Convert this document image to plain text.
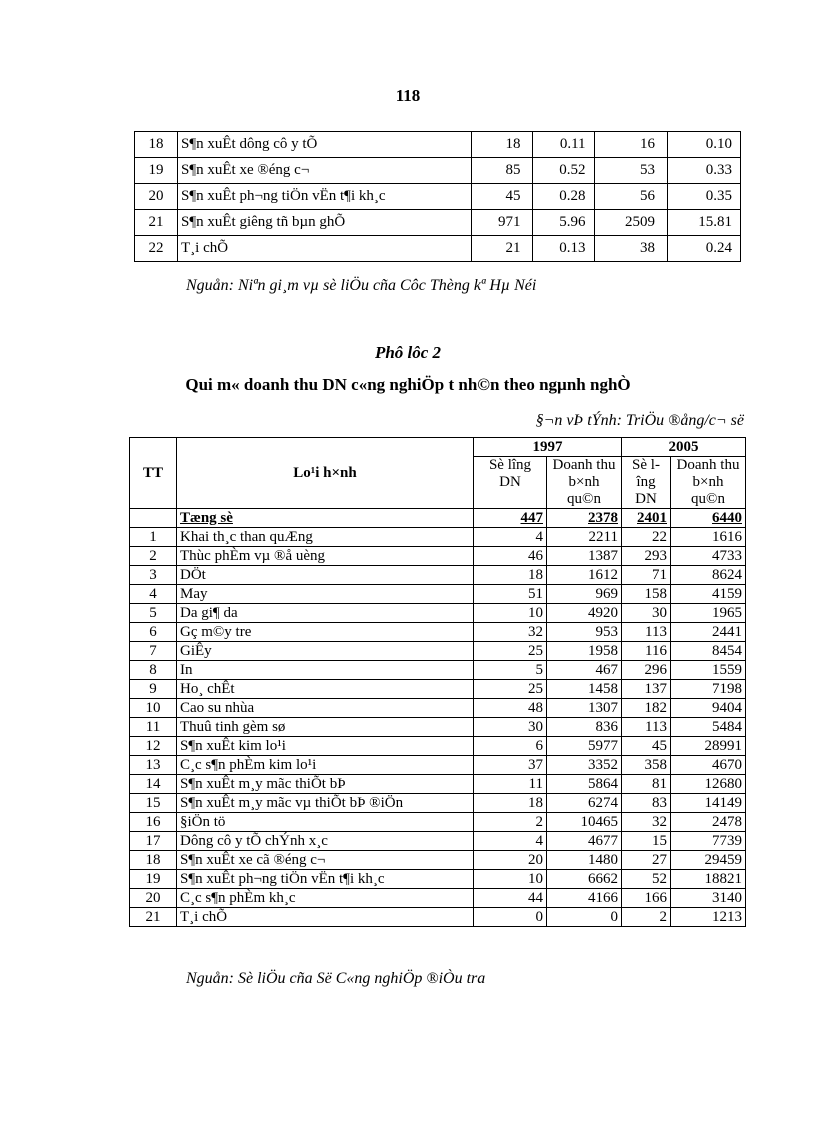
118
18	S¶n xuÊt dông cô y tÕ	18	0.11	16	0.10
19	S¶n xuÊt xe ®éng c¬	85	0.52	53	0.33
20	S¶n xuÊt ph¬ng tiÖn vËn t¶i kh¸c	45	0.28	56	0.35
21	S¶n xuÊt giêng tñ bµn ghÕ	971	5.96	2509	15.81
22	T¸i chÕ	21	0.13	38	0.24
Nguån: Niªn gi¸m vµ sè liÖu cña Côc Thèng kª Hµ Néi
Phô lôc 2
Qui m« doanh thu DN c«ng nghiÖp t nh©n theo ngµnh nghÒ
§¬n vÞ tÝnh: TriÖu ®ång/c¬ së
TT	Lo¹i h×nh	1997		2005	
		Sè lîng DN	Doanh thu b×nh qu©n	Sè lîng DN	Doanh thu b×nh qu©n
	Tæng sè	447	2378	2401	6440
1	Khai th¸c than quÆng	4	2211	22	1616
2	Thùc phÈm vµ ®å uèng	46	1387	293	4733
3	DÖt	18	1612	71	8624
4	May	51	969	158	4159
5	Da gi¶ da	10	4920	30	1965
6	Gç m©y tre	32	953	113	2441
7	GiÊy	25	1958	116	8454
8	In	5	467	296	1559
9	Ho¸ chÊt	25	1458	137	7198
10	Cao su nhùa	48	1307	182	9404
11	Thuû tinh gèm sø	30	836	113	5484
12	S¶n xuÊt kim lo¹i	6	5977	45	28991
13	C¸c s¶n phÈm kim lo¹i	37	3352	358	4670
14	S¶n xuÊt m¸y mãc thiÕt bÞ	11	5864	81	12680
15	S¶n xuÊt m¸y mãc vµ thiÕt bÞ ®iÖn	18	6274	83	14149
16	§iÖn tö	2	10465	32	2478
17	Dông cô y tÕ chÝnh x¸c	4	4677	15	7739
18	S¶n xuÊt xe cã ®éng c¬	20	1480	27	29459
19	S¶n xuÊt ph¬ng tiÖn vËn t¶i kh¸c	10	6662	52	18821
20	C¸c s¶n phÈm kh¸c	44	4166	166	3140
21	T¸i chÕ	0	0	2	1213
Nguån: Sè liÖu cña Së C«ng nghiÖp ®iÒu tra
